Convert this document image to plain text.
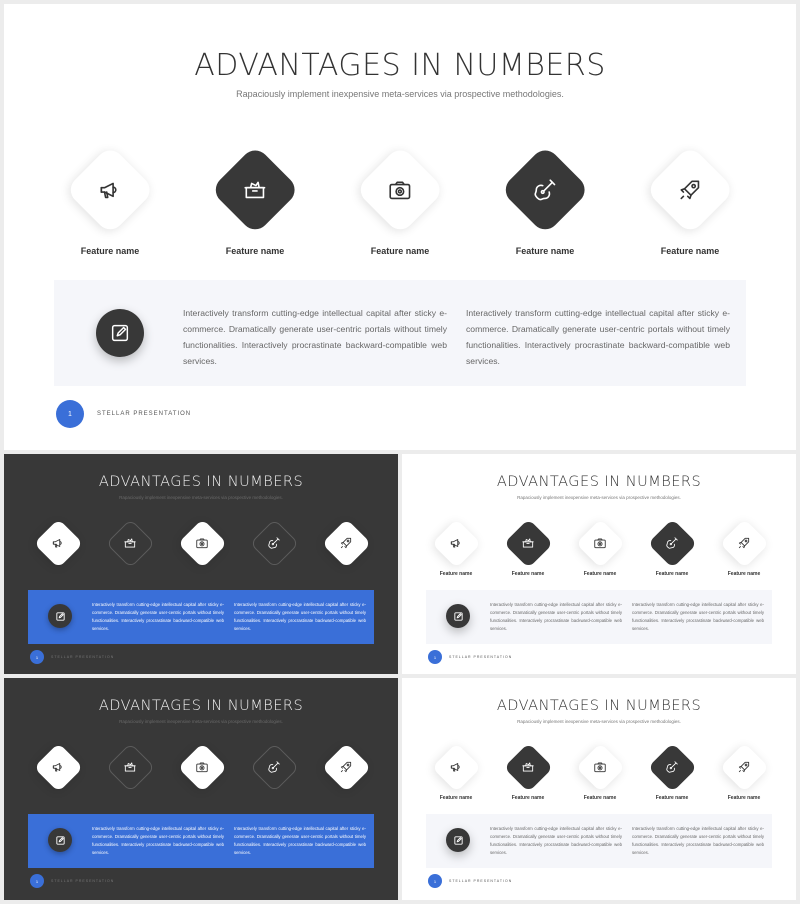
ADVANTAGES IN NUMBERS
Rapaciously implement inexpensive meta-services via prospective methodologies.
Interactively transform cutting-edge intellectual capital after sticky e-commerce. Dramatically generate user-centric portals without timely functionalities. Interactively procrastinate backward-compatible web services.
Interactively transform cutting-edge intellectual capital after sticky e-commerce. Dramatically generate user-centric portals without timely functionalities. Interactively procrastinate backward-compatible web services.
1	STELLAR PRESENTATION
Feature name	Feature name	Feature name	Feature name	Feature name
ADVANTAGES IN NUMBERS
Rapaciously implement inexpensive meta-services via prospective methodologies.
Interactively transform cutting-edge intellectual capital after sticky e-commerce. Dramatically generate user-centric portals without timely functionalities. Interactively procrastinate backward-compatible web services.
Interactively transform cutting-edge intellectual capital after sticky e-commerce. Dramatically generate user-centric portals without timely functionalities. Interactively procrastinate backward-compatible web services.
1	STELLAR PRESENTATION
ADVANTAGES IN NUMBERS
Rapaciously implement inexpensive meta-services via prospective methodologies.
Feature name	Feature name	Feature name	Feature name	Feature name
Interactively transform cutting-edge intellectual capital after sticky e-commerce. Dramatically generate user-centric portals without timely functionalities. Interactively procrastinate backward-compatible web services.
Interactively transform cutting-edge intellectual capital after sticky e-commerce. Dramatically generate user-centric portals without timely functionalities. Interactively procrastinate backward-compatible web services.
1	STELLAR PRESENTATION
ADVANTAGES IN NUMBERS
Rapaciously implement inexpensive meta-services via prospective methodologies.
Interactively transform cutting-edge intellectual capital after sticky e-commerce. Dramatically generate user-centric portals without timely functionalities. Interactively procrastinate backward-compatible web services.
Interactively transform cutting-edge intellectual capital after sticky e-commerce. Dramatically generate user-centric portals without timely functionalities. Interactively procrastinate backward-compatible web services.
1	STELLAR PRESENTATION
ADVANTAGES IN NUMBERS
Rapaciously implement inexpensive meta-services via prospective methodologies.
Feature name	Feature name	Feature name	Feature name	Feature name
Interactively transform cutting-edge intellectual capital after sticky e-commerce. Dramatically generate user-centric portals without timely functionalities. Interactively procrastinate backward-compatible web services.
Interactively transform cutting-edge intellectual capital after sticky e-commerce. Dramatically generate user-centric portals without timely functionalities. Interactively procrastinate backward-compatible web services.
1	STELLAR PRESENTATION
